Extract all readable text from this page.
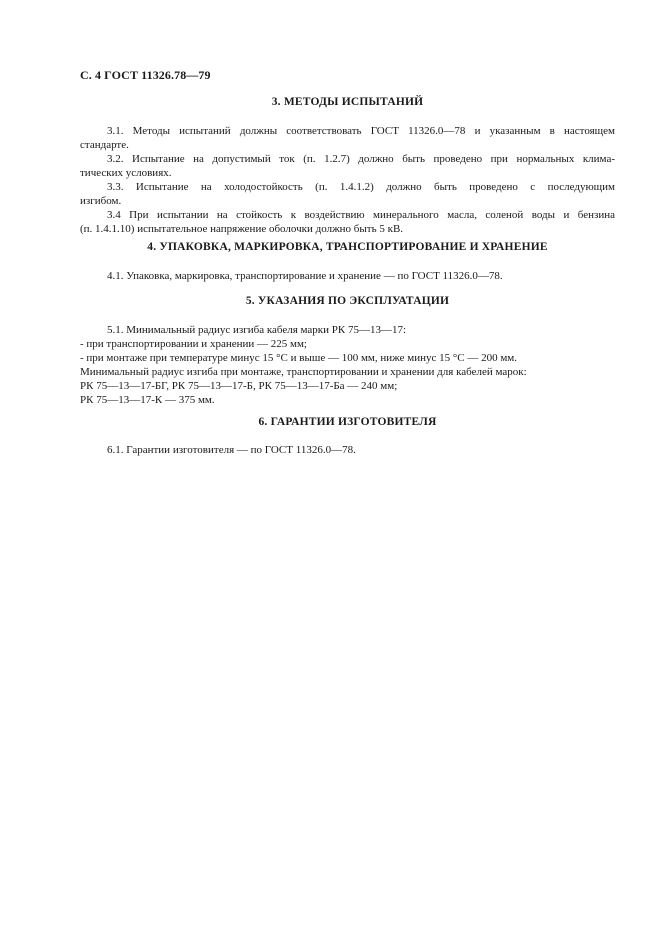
С. 4 ГОСТ 11326.78—79
3. МЕТОДЫ ИСПЫТАНИЙ
3.1. Методы испытаний должны соответствовать ГОСТ 11326.0—78 и указанным в настоящем
стандарте.
3.2. Испытание на допустимый ток (п. 1.2.7) должно быть проведено при нормальных клима-
тических условиях.
3.3. Испытание на холодостойкость (п. 1.4.1.2) должно быть проведено с последующим
изгибом.
3.4 При испытании на стойкость к воздействию минерального масла, соленой воды и бензина
(п. 1.4.1.10) испытательное напряжение оболочки должно быть 5 кВ.
4. УПАКОВКА, МАРКИРОВКА, ТРАНСПОРТИРОВАНИЕ И ХРАНЕНИЕ
4.1. Упаковка, маркировка, транспортирование и хранение — по ГОСТ 11326.0—78.
5. УКАЗАНИЯ ПО ЭКСПЛУАТАЦИИ
5.1. Минимальный радиус изгиба кабеля марки РК 75—13—17:
- при транспортировании и хранении — 225 мм;
- при монтаже при температуре минус 15 °С и выше — 100 мм, ниже минус 15 °С — 200 мм.
Минимальный радиус изгиба при монтаже, транспортировании и хранении для кабелей марок:
РК 75—13—17-БГ, РК 75—13—17-Б, РК 75—13—17-Ба — 240 мм;
РК 75—13—17-К — 375 мм.
6. ГАРАНТИИ ИЗГОТОВИТЕЛЯ
6.1. Гарантии изготовителя — по ГОСТ 11326.0—78.
